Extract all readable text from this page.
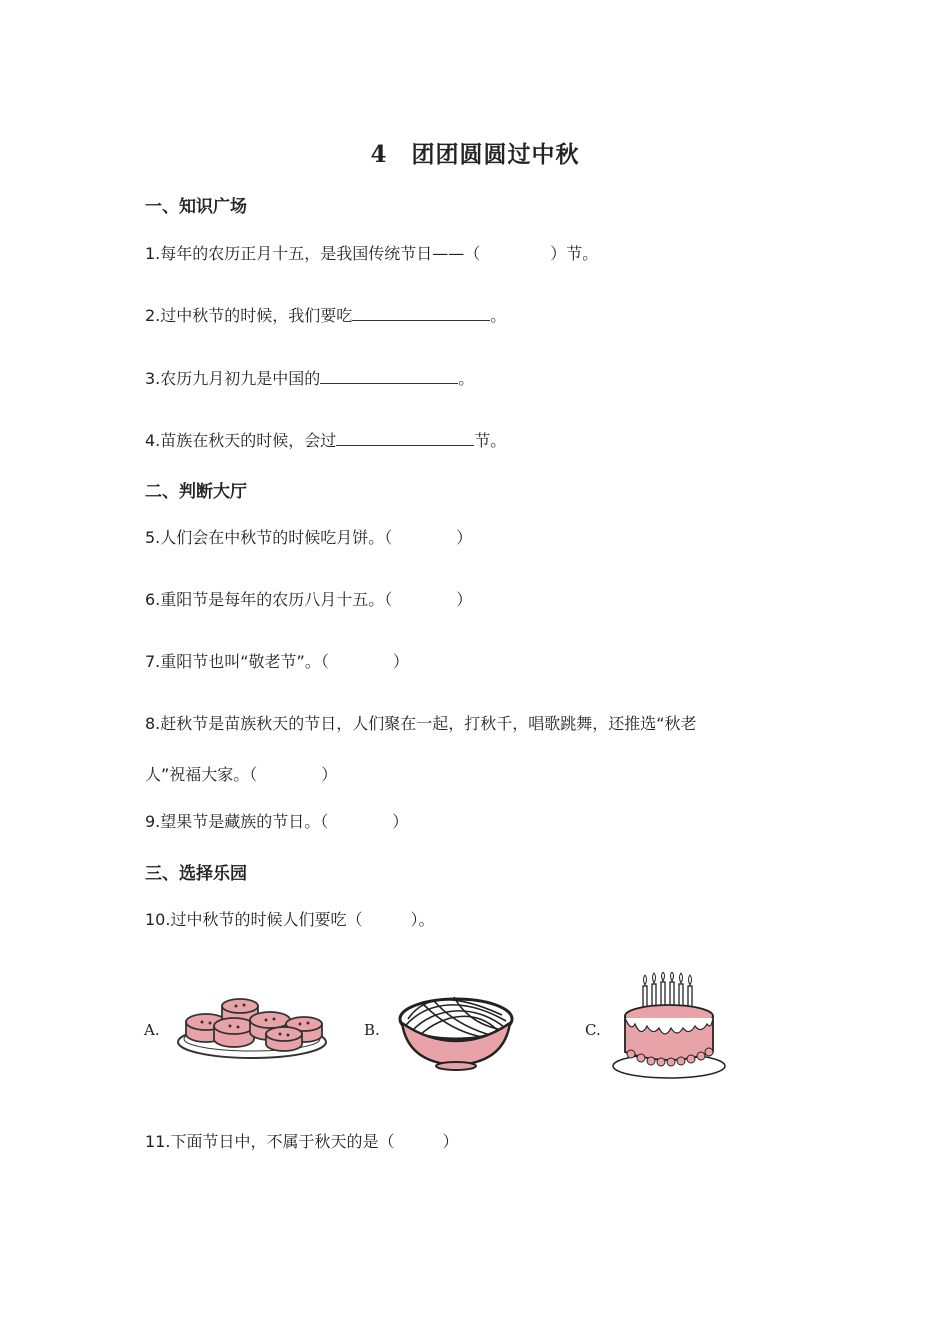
4　团团圆圆过中秋
一、知识广场
1.每年的农历正月十五，是我国传统节日——（	）节。
2.过中秋节的时候，我们要吃	。
3.农历九月初九是中国的	。
4.苗族在秋天的时候，会过	节。
二、判断大厅
5.人们会在中秋节的时候吃月饼。（　　　　）
6.重阳节是每年的农历八月十五。（　　　　）
7.重阳节也叫“敬老节”。（　　　　）
8.赶秋节是苗族秋天的节日，人们聚在一起，打秋千，唱歌跳舞，还推选“秋老
人”祝福大家。（　　　　）
9.望果节是藏族的节日。（　　　　）
三、选择乐园
10.过中秋节的时候人们要吃（　　　）。
A.	B.	C.
11.下面节日中，不属于秋天的是（　　　）
